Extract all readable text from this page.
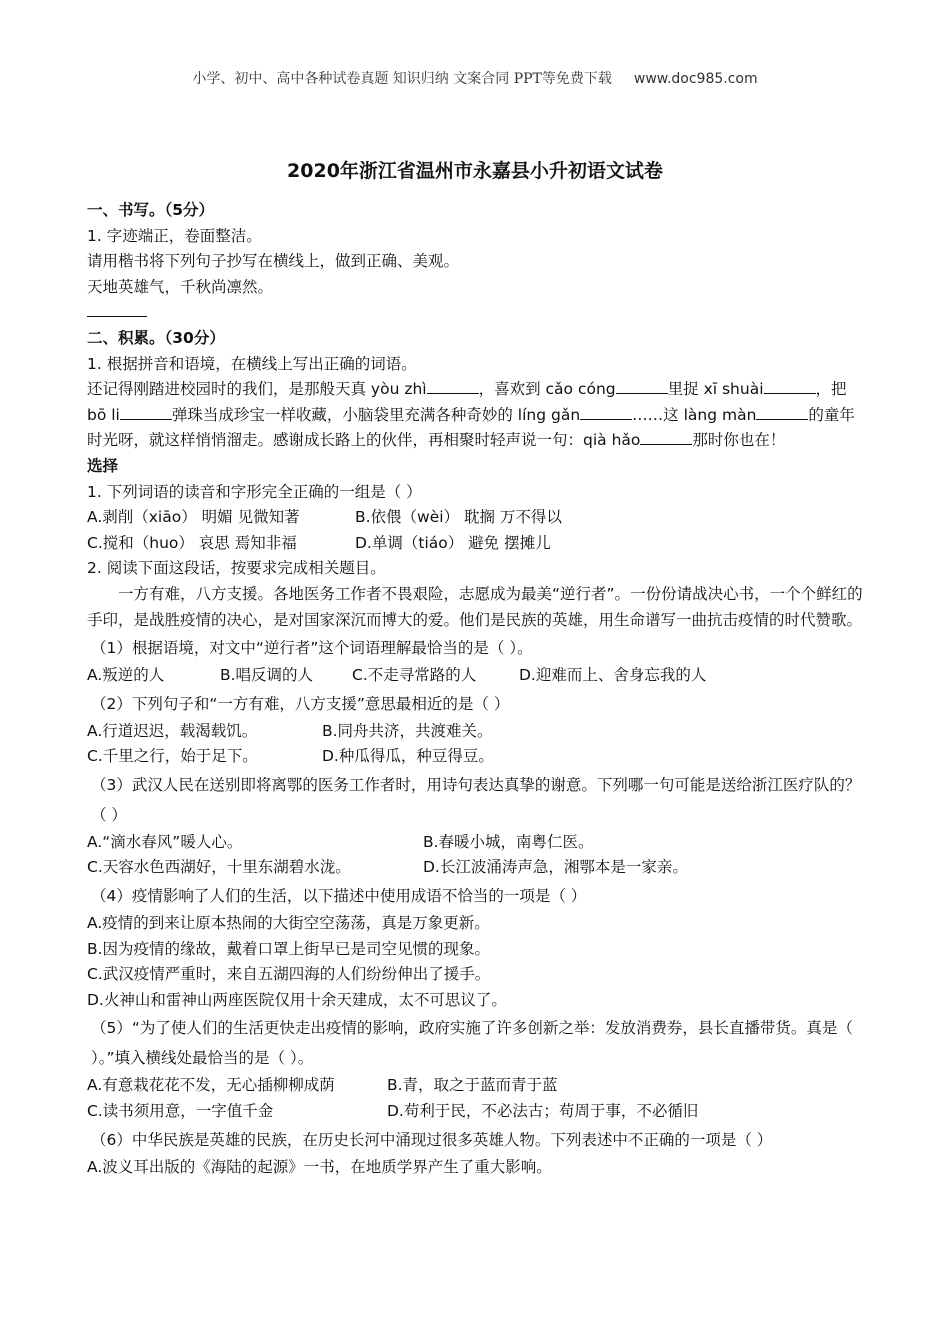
小学、初中、高中各种试卷真题 知识归纳 文案合同 PPT等免费下载 www.doc985.com
2020年浙江省温州市永嘉县小升初语文试卷
一、书写。（5分）
1. 字迹端正，卷面整洁。
请用楷书将下列句子抄写在横线上，做到正确、美观。
天地英雄气，千秋尚凛然。
二、积累。（30分）
1. 根据拼音和语境，在横线上写出正确的词语。
还记得刚踏进校园时的我们，是那般天真 yòu zhì	，喜欢到 cǎo cóng	里捉 xī shuài	，把 bō li	弹珠当成珍宝一样收藏，小脑袋里充满各种奇妙的 líng gǎn	……这 làng màn	的童年时光呀，就这样悄悄溜走。感谢成长路上的伙伴，再相聚时轻声说一句：qià hǎo	那时你也在！
选择
1. 下列词语的读音和字形完全正确的一组是（ ）
A.剥削（xiāo） 明媚 见微知著	B.依偎（wèi） 耽搁 万不得以
C.搅和（huo） 哀思 焉知非福	D.单调（tiáo） 避免 摆摊儿
2. 阅读下面这段话，按要求完成相关题目。
一方有难，八方支援。各地医务工作者不畏艰险，志愿成为最美“逆行者”。一份份请战决心书，一个个鲜红的手印，是战胜疫情的决心，是对国家深沉而博大的爱。他们是民族的英雄，用生命谱写一曲抗击疫情的时代赞歌。
（1）根据语境，对文中“逆行者”这个词语理解最恰当的是（ ）。
A.叛逆的人	B.唱反调的人	C.不走寻常路的人	D.迎难而上、舍身忘我的人
（2）下列句子和“一方有难，八方支援”意思最相近的是（ ）
A.行道迟迟，载渴载饥。	B.同舟共济，共渡难关。
C.千里之行，始于足下。	D.种瓜得瓜，种豆得豆。
（3）武汉人民在送别即将离鄂的医务工作者时，用诗句表达真挚的谢意。下列哪一句可能是送给浙江医疗队的？（ ）
A.“滴水春风”暖人心。	B.春暖小城，南粤仁医。
C.天容水色西湖好，十里东湖碧水泷。	D.长江波涌涛声急，湘鄂本是一家亲。
（4）疫情影响了人们的生活，以下描述中使用成语不恰当的一项是（ ）
A.疫情的到来让原本热闹的大街空空荡荡，真是万象更新。
B.因为疫情的缘故，戴着口罩上街早已是司空见惯的现象。
C.武汉疫情严重时，来自五湖四海的人们纷纷伸出了援手。
D.火神山和雷神山两座医院仅用十余天建成，太不可思议了。
（5）“为了使人们的生活更快走出疫情的影响，政府实施了许多创新之举：发放消费券，县长直播带货。真是（ ）。”填入横线处最恰当的是（ ）。
A.有意栽花花不发，无心插柳柳成荫	B.青，取之于蓝而青于蓝
C.读书须用意，一字值千金	D.苟利于民，不必法古；苟周于事，不必循旧
（6）中华民族是英雄的民族，在历史长河中涌现过很多英雄人物。下列表述中不正确的一项是（ ）
A.波义耳出版的《海陆的起源》一书，在地质学界产生了重大影响。
